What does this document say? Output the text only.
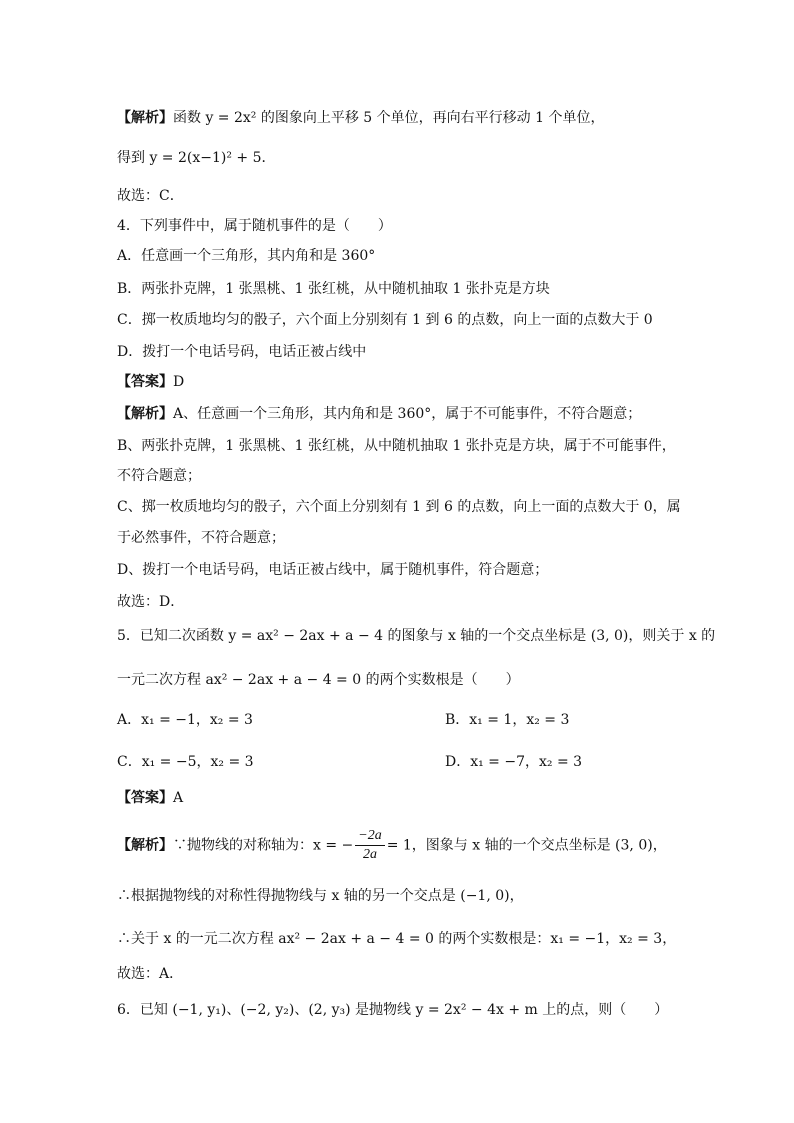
【解析】函数 y = 2x² 的图象向上平移 5 个单位，再向右平行移动 1 个单位，
得到 y = 2(x−1)² + 5．
故选：C．
4．下列事件中，属于随机事件的是（　　）
A．任意画一个三角形，其内角和是 360°
B．两张扑克牌，1 张黑桃、1 张红桃，从中随机抽取 1 张扑克是方块
C．掷一枚质地均匀的骰子，六个面上分别刻有 1 到 6 的点数，向上一面的点数大于 0
D．拨打一个电话号码，电话正被占线中
【答案】D
【解析】A、任意画一个三角形，其内角和是 360°，属于不可能事件，不符合题意；
B、两张扑克牌，1 张黑桃、1 张红桃，从中随机抽取 1 张扑克是方块，属于不可能事件，
不符合题意；
C、掷一枚质地均匀的骰子，六个面上分别刻有 1 到 6 的点数，向上一面的点数大于 0，属
于必然事件，不符合题意；
D、拨打一个电话号码，电话正被占线中，属于随机事件，符合题意；
故选：D．
5．已知二次函数 y = ax² − 2ax + a − 4 的图象与 x 轴的一个交点坐标是 (3, 0)，则关于 x 的
一元二次方程 ax² − 2ax + a − 4 = 0 的两个实数根是（　　）
A．x₁ = −1，x₂ = 3	B．x₁ = 1，x₂ = 3
C．x₁ = −5，x₂ = 3	D．x₁ = −7，x₂ = 3
【答案】A
【解析】∵抛物线的对称轴为：x = − $\frac{-2a}{2a} = 1$，图象与 x 轴的一个交点坐标是 (3, 0)，
∴根据抛物线的对称性得抛物线与 x 轴的另一个交点是 (−1, 0)，
∴关于 x 的一元二次方程 ax² − 2ax + a − 4 = 0 的两个实数根是：x₁ = −1，x₂ = 3，
故选：A．
6．已知 (−1, y₁)、(−2, y₂)、(2, y₃) 是抛物线 y = 2x² − 4x + m 上的点，则（　　）
